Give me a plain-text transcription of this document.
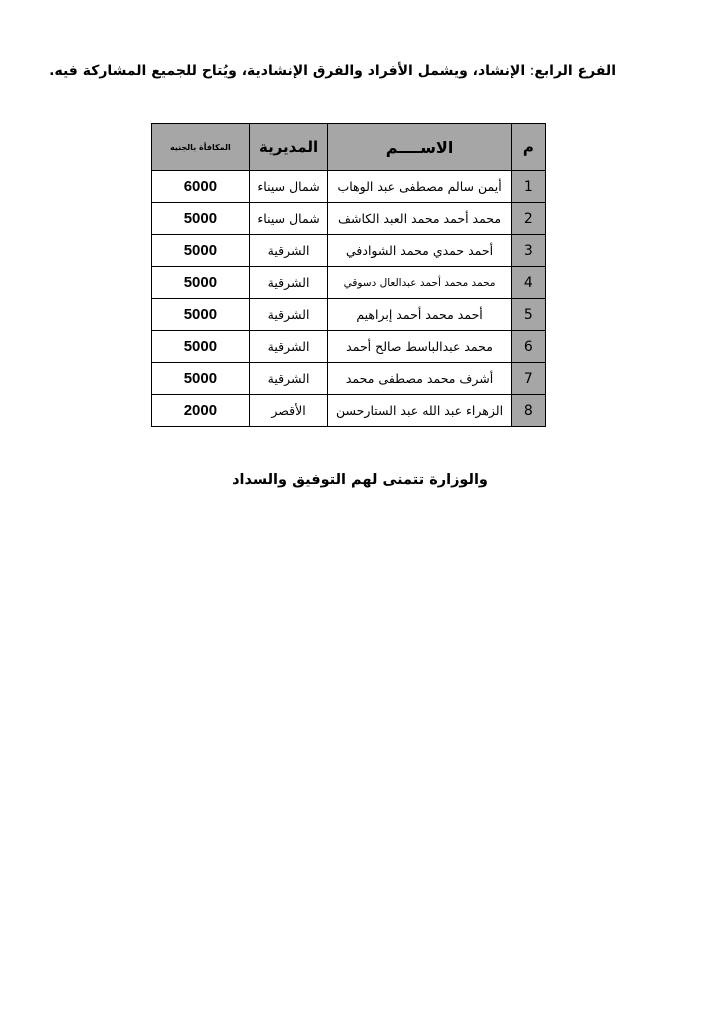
الفرع الرابع: الإنشاد، ويشمل الأفراد والفرق الإنشادية، ويُتاح للجميع المشاركة فيه.
م	الاســــم	المديرية	المكافأة بالجنيه
1	أيمن سالم مصطفى عبد الوهاب	شمال سيناء	6000
2	محمد أحمد محمد العبد الكاشف	شمال سيناء	5000
3	أحمد حمدي محمد الشوادفي	الشرقية	5000
4	محمد محمد أحمد عبدالعال دسوقي	الشرقية	5000
5	أحمد محمد أحمد إبراهيم	الشرقية	5000
6	محمد عبدالباسط صالح أحمد	الشرقية	5000
7	أشرف محمد مصطفى محمد	الشرقية	5000
8	الزهراء عبد الله عبد الستارحسن	الأقصر	2000
والوزارة تتمنى لهم التوفيق والسداد
